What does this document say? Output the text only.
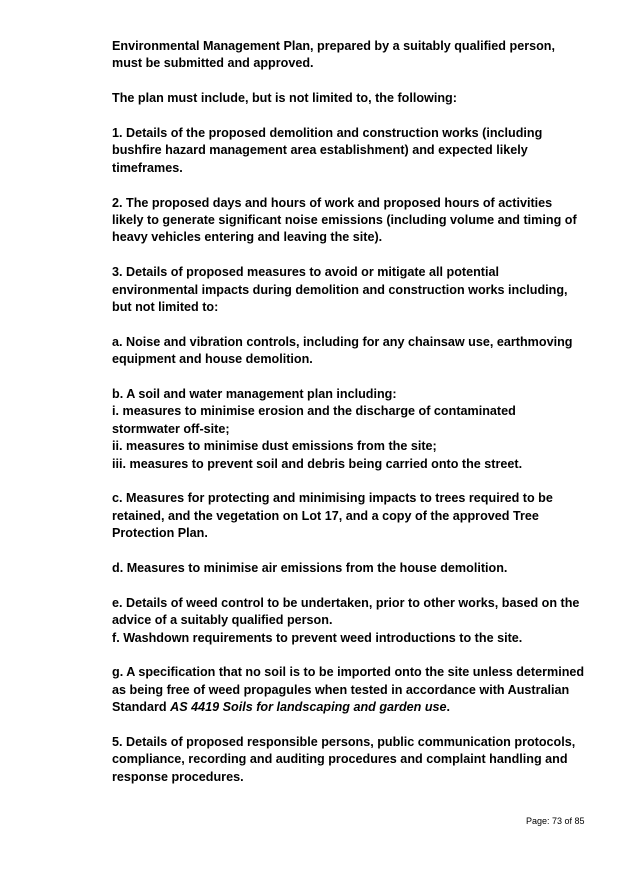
Environmental Management Plan, prepared by a suitably qualified person,
must be submitted and approved.

The plan must include, but is not limited to, the following:

1. Details of the proposed demolition and construction works (including
bushfire hazard management area establishment) and expected likely
timeframes.

2. The proposed days and hours of work and proposed hours of activities
likely to generate significant noise emissions (including volume and timing of
heavy vehicles entering and leaving the site).

3. Details of proposed measures to avoid or mitigate all potential
environmental impacts during demolition and construction works including,
but not limited to:

a. Noise and vibration controls, including for any chainsaw use, earthmoving
equipment and house demolition.

b. A soil and water management plan including:
i. measures to minimise erosion and the discharge of contaminated
stormwater off-site;
ii. measures to minimise dust emissions from the site;
iii. measures to prevent soil and debris being carried onto the street.

c. Measures for protecting and minimising impacts to trees required to be
retained, and the vegetation on Lot 17, and a copy of the approved Tree
Protection Plan.

d. Measures to minimise air emissions from the house demolition.

e. Details of weed control to be undertaken, prior to other works, based on the
advice of a suitably qualified person.
f. Washdown requirements to prevent weed introductions to the site.

g. A specification that no soil is to be imported onto the site unless determined
as being free of weed propagules when tested in accordance with Australian
Standard AS 4419 Soils for landscaping and garden use.

5. Details of proposed responsible persons, public communication protocols,
compliance, recording and auditing procedures and complaint handling and
response procedures.

Page: 73 of 85
